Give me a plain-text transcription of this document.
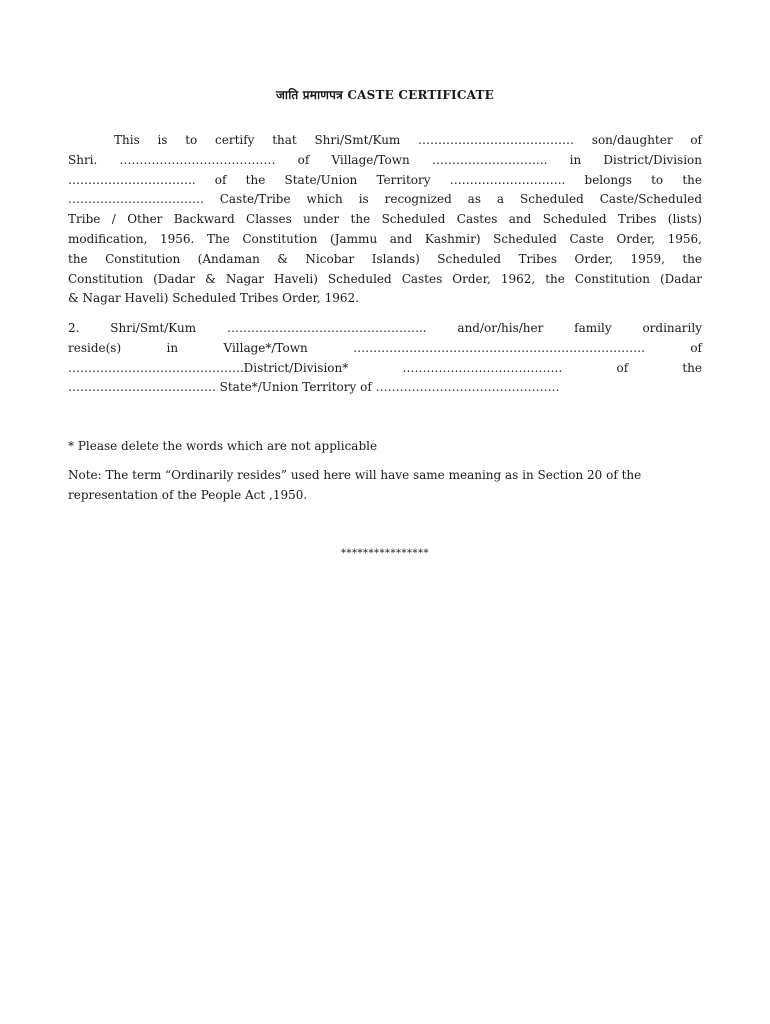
जाति प्रमाणपत्र CASTE CERTIFICATE
This is to certify that Shri/Smt/Kum ………………………………… son/daughter of
Shri. ………………………………… of Village/Town ……………………….. in District/Division
………………………….. of the State/Union Territory ……………………….. belongs to the
……………………………. Caste/Tribe which is recognized as a Scheduled Caste/Scheduled
Tribe / Other Backward Classes under the Scheduled Castes and Scheduled Tribes (lists)
modification, 1956. The Constitution (Jammu and Kashmir) Scheduled Caste Order, 1956,
the Constitution (Andaman & Nicobar Islands) Scheduled Tribes Order, 1959, the
Constitution (Dadar & Nagar Haveli) Scheduled Castes Order, 1962, the Constitution (Dadar
& Nagar Haveli) Scheduled Tribes Order, 1962.
2. Shri/Smt/Kum ………………………………………….. and/or/his/her family ordinarily
reside(s) in Village*/Town ………………………………………………………………. of
……………………………………..District/Division* …………………………………. of the
………………………………. State*/Union Territory of ……………………………………….
* Please delete the words which are not applicable
Note: The term “Ordinarily resides” used here will have same meaning as in Section 20 of the
representation of the People Act ,1950.
****************
